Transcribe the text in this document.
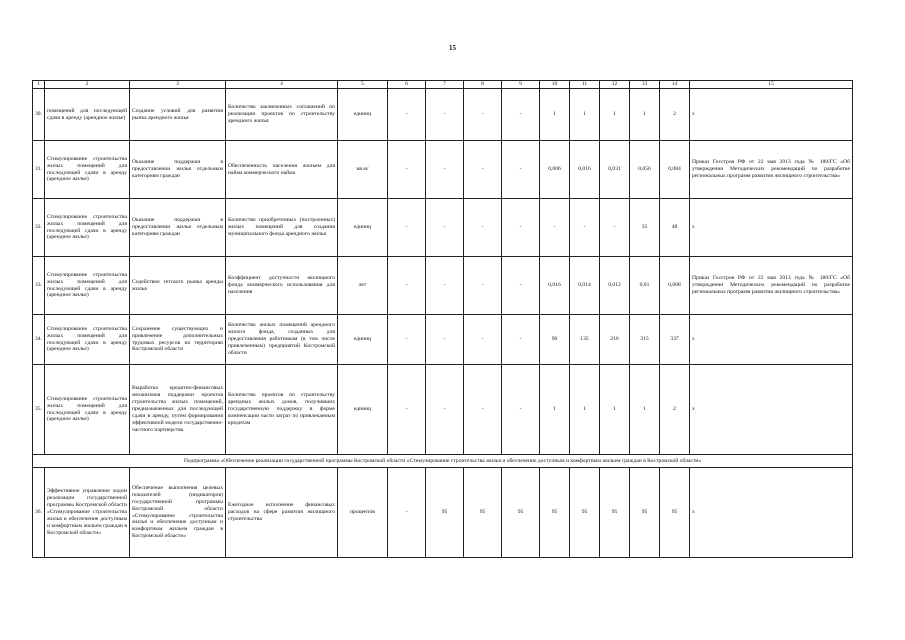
15
1	2	3	4	5	6	7	8	9	10	11	12	13	14	15
30.	помещений для последующей сдачи в аренду (арендное жилье)	Создание условий для развития рынка арендного жилья	Количество заключенных соглашений по реализации проектов по строительству арендного жилья	единиц	-	-	-	-	1	1	1	1	2	х
31.	Стимулирование строительства жилых помещений для последующей сдачи в аренду (арендное жилье)	Оказание поддержки в предоставлении жилья отдельным категориям граждан	Обеспеченность населения жильем для найма коммерческого найма	кв.м/	-	-	-	-	0,006	0,016	0,031	0,056	0,084	Приказ Госстроя РФ от 22 мая 2013 года № 180/ГС «Об утверждении Методических рекомендаций по разработке региональных программ развития жилищного строительства»
32.	Стимулирование строительства жилых помещений для последующей сдачи в аренду (арендное жилье)	Оказание поддержки в предоставлении жилья отдельным категориям граждан	Количество приобретенных (построенных) жилых помещений для создания муниципального фонда арендного жилья	единиц	-	-	-	-	-	-	-	35	48	х
33.	Стимулирование строительства жилых помещений для последующей сдачи в аренду (арендное жилье)	Содействие гетского рынка аренды жилья	Коэффициент доступности жилищного фонда коммерческого использования для населения	лет	-	-	-	-	0,016	0,014	0,012	0,01	0,008	Приказ Госстроя РФ от 22 мая 2013 года № 180/ГС «Об утверждении Методических рекомендаций по разработке региональных программ развития жилищного строительства»
34.	Стимулирование строительства жилых помещений для последующей сдачи в аренду (арендное жилье)	Сохранение существующих и привлечение дополнительных трудовых ресурсов на территорию Костромской области	Количество жилых помещений арендного жилого фонда, созданных для предоставления работникам (в том числе привлеченным) предприятий Костромской области	единиц	-	-	-	-	90	135	210	315	337	х
35.	Стимулирование строительства жилых помещений для последующей сдачи в аренду (арендное жилье)	Выработка кредитно-финансовых механизмов поддержки проектов строительства жилых помещений, предназначенных для последующей сдачи в аренду, путем формирования эффективной модели государственно-частного партнерства	Количество проектов по строительству арендных жилых домов, получивших государственную поддержку в форме компенсации части затрат по привлекаемым кредитам	единиц	-	-	-	-	1	1	1	1	2	х
Подпрограмма «Обеспечение реализации государственной программы Костромской области «Стимулирование строительства жилья и обеспечение доступным и комфортным жильем граждан в Костромской области»														
36.	Эффективное управление ходом реализации государственной программы Костромской области «Стимулирование строительства жилья и обеспечение доступным и комфортным жильем граждан в Костромской области»	Обеспечение выполнения целевых показателей (индикаторов) государственной программы Костромской области «Стимулирование строительства жилья и обеспечение доступным и комфортным жильем граждан в Костромской области»	Ежегодное исполнение финансовых расходов на сфере развития жилищного строительства	процентов	-	95	95	95	95	95	95	95	95	х
